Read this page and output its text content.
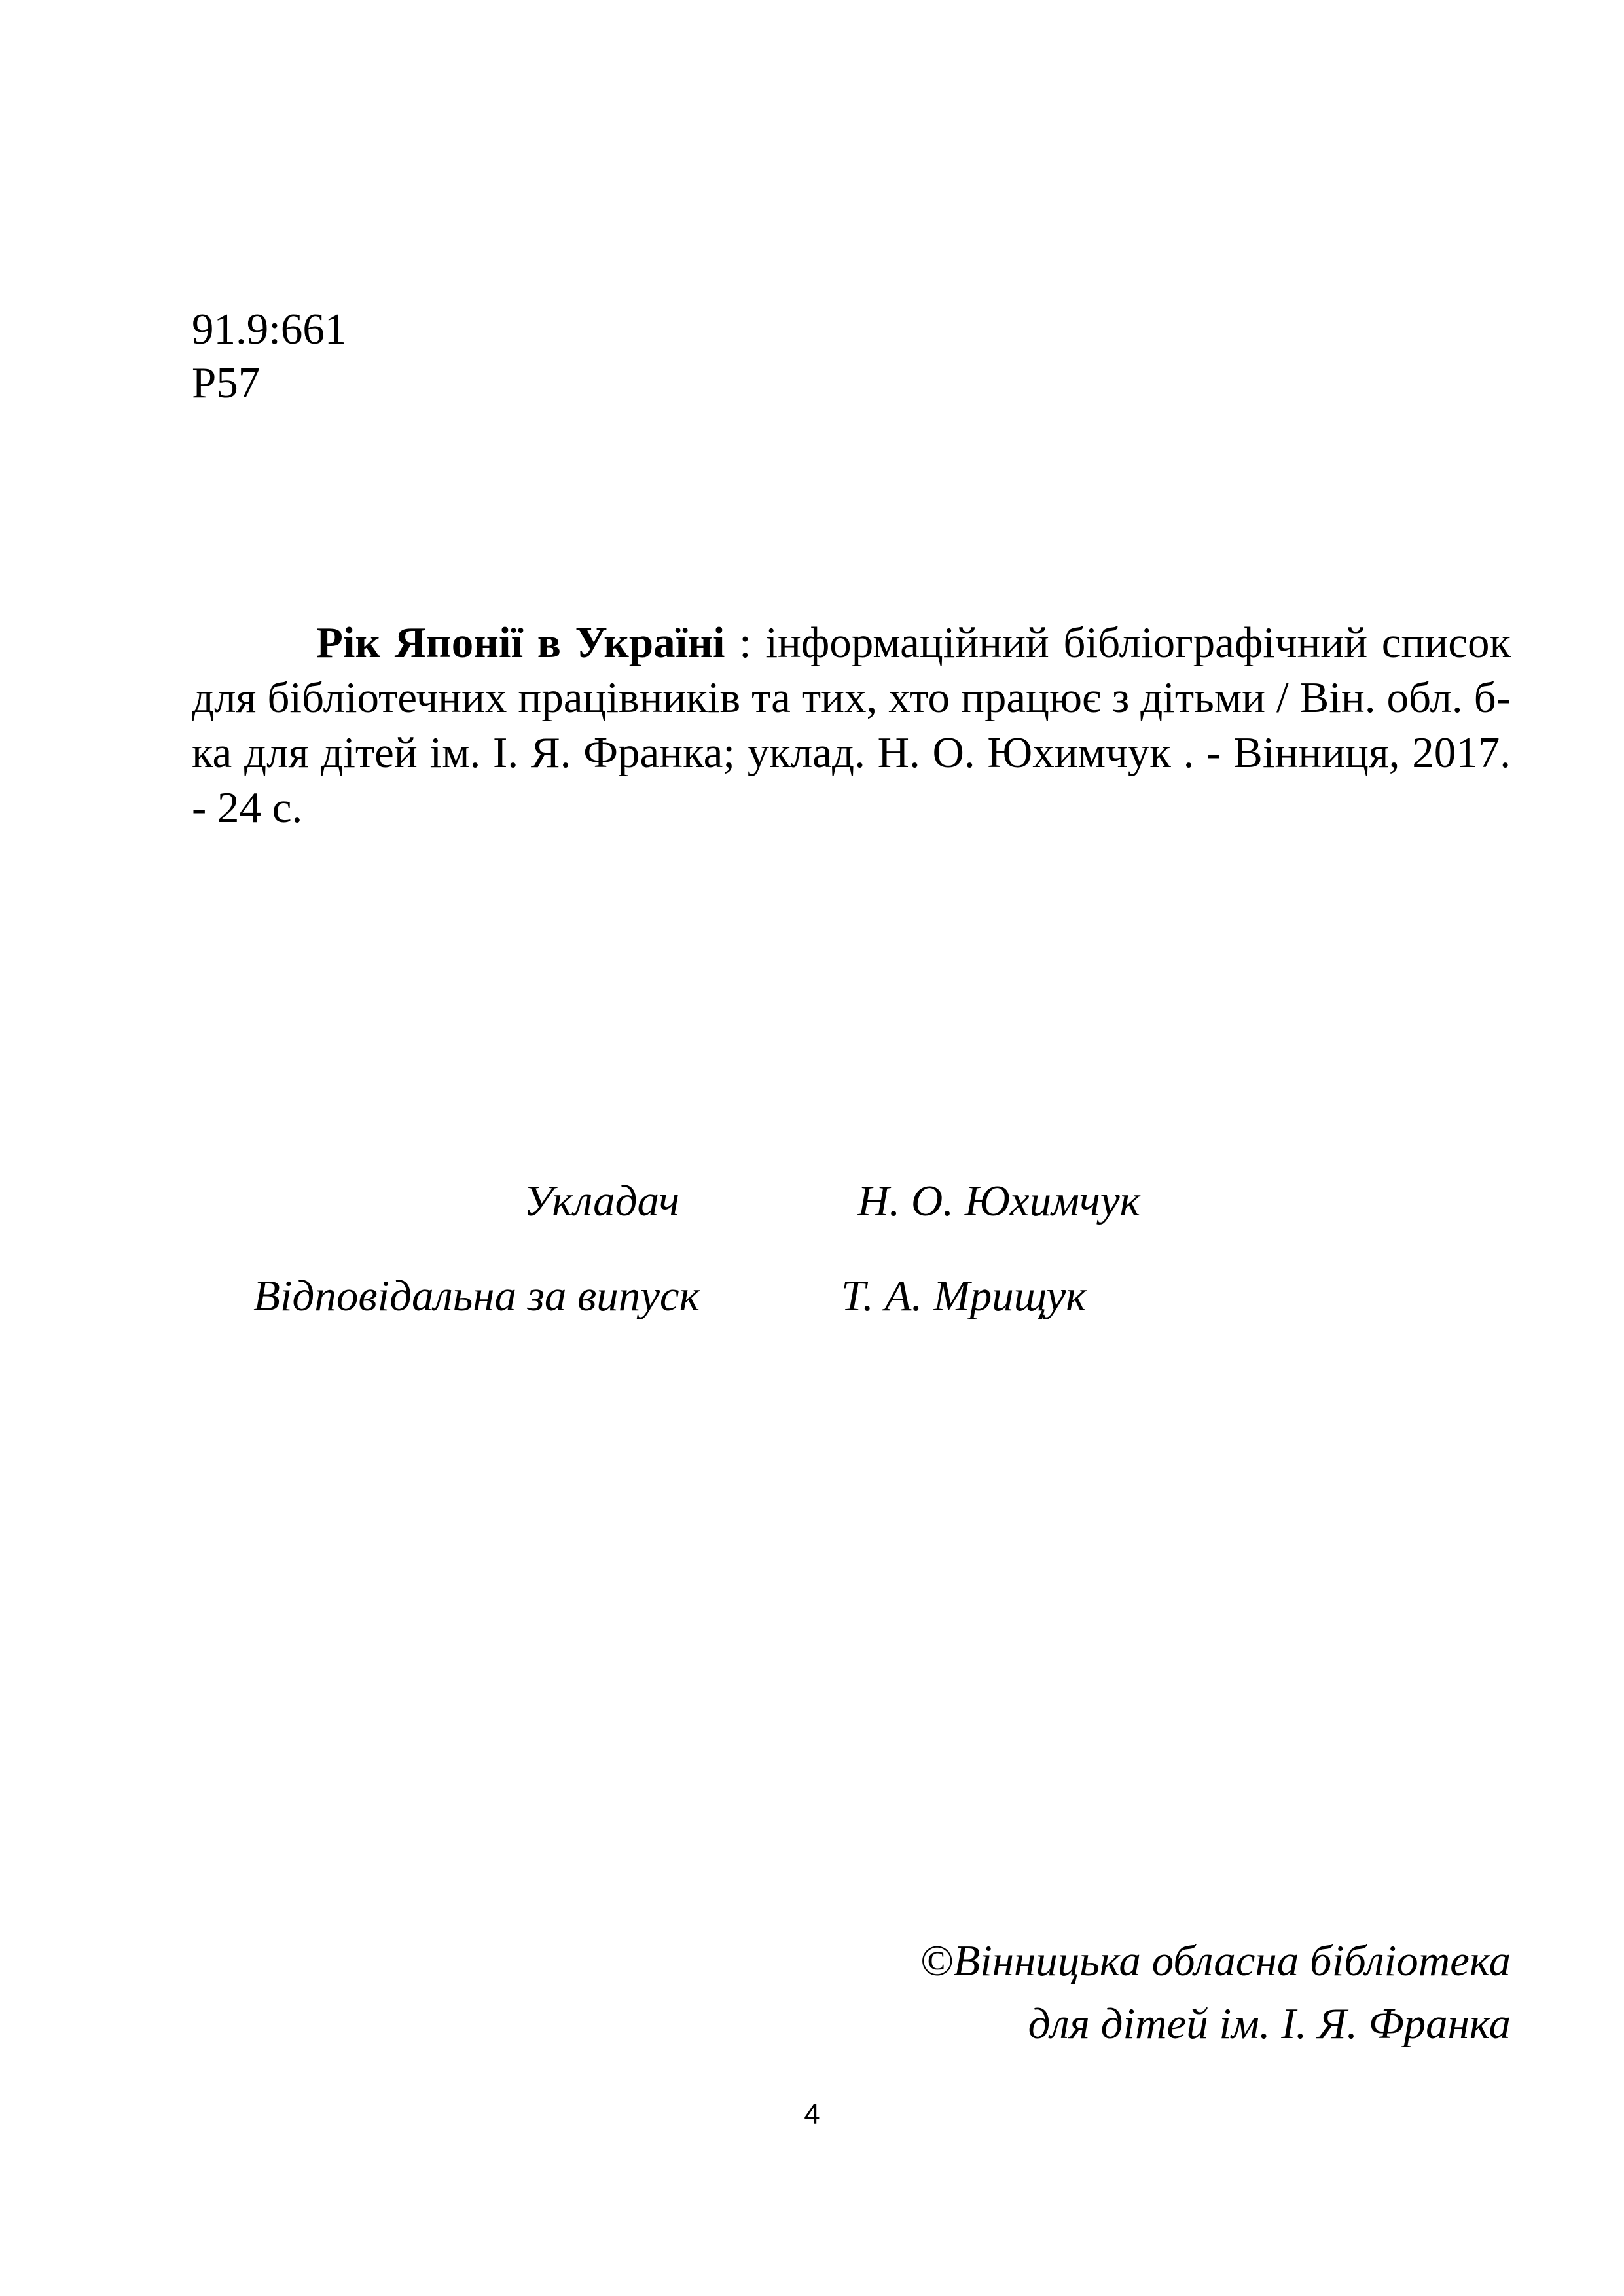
91.9:661
Р57

Рік Японії в Україні : інформаційний бібліографічний список для бібліотечних працівників та тих, хто працює з дітьми / Він. обл. б-ка для дітей ім. І. Я. Франка; уклад. Н. О. Юхимчук . - Вінниця, 2017. - 24 с.

Укладач	Н. О. Юхимчук
Відповідальна за випуск	Т. А. Мрищук
©Вінницька обласна бібліотека
для дітей ім. І. Я. Франка
4
